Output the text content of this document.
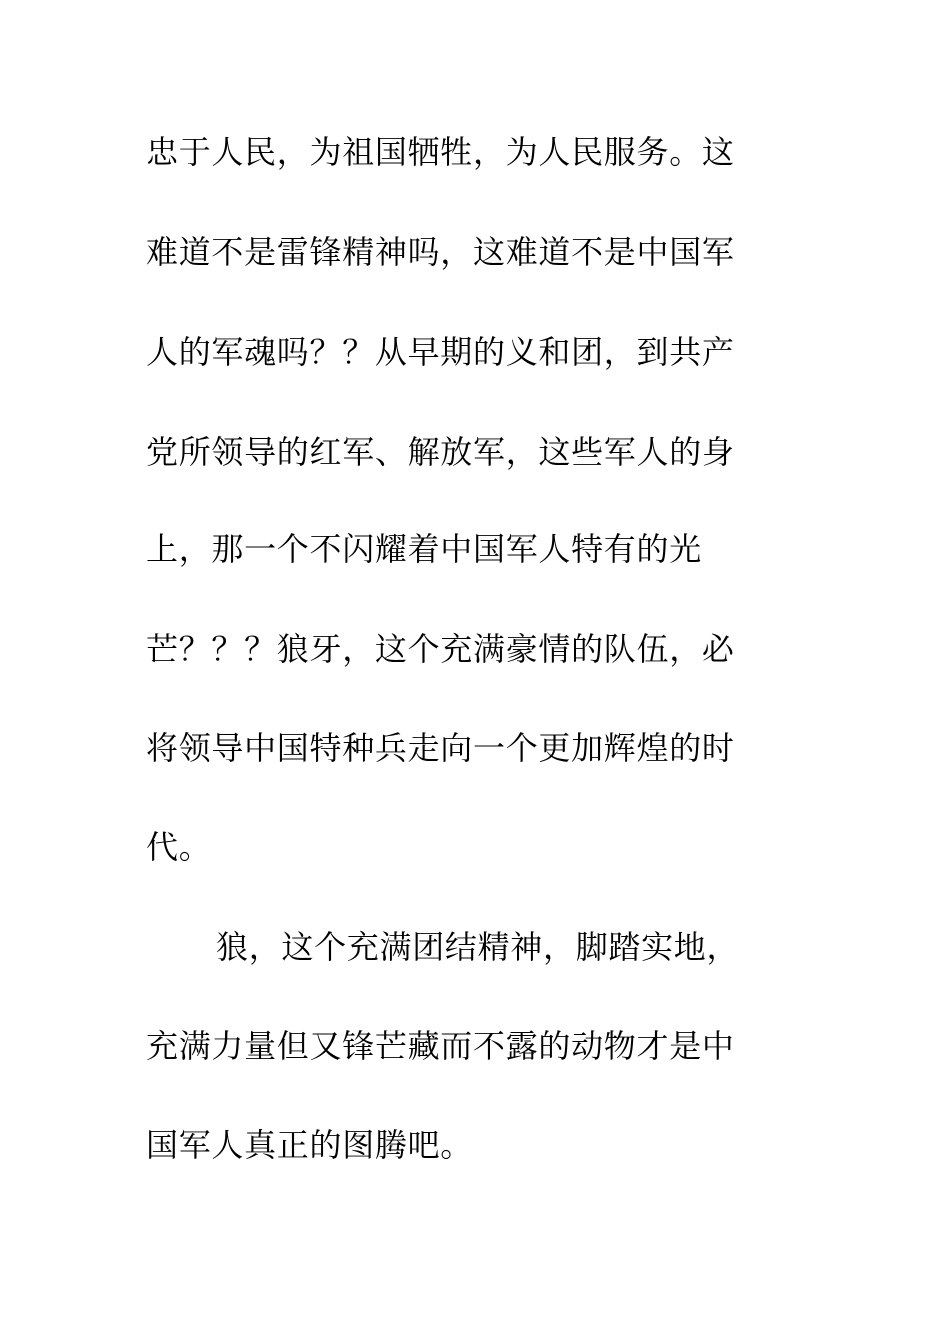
忠于人民，为祖国牺牲，为人民服务。这
难道不是雷锋精神吗，这难道不是中国军
人的军魂吗？？从早期的义和团，到共产
党所领导的红军、解放军，这些军人的身
上，那一个不闪耀着中国军人特有的光
芒？？？狼牙，这个充满豪情的队伍，必
将领导中国特种兵走向一个更加辉煌的时
代。
狼，这个充满团结精神，脚踏实地，
充满力量但又锋芒藏而不露的动物才是中
国军人真正的图腾吧。
